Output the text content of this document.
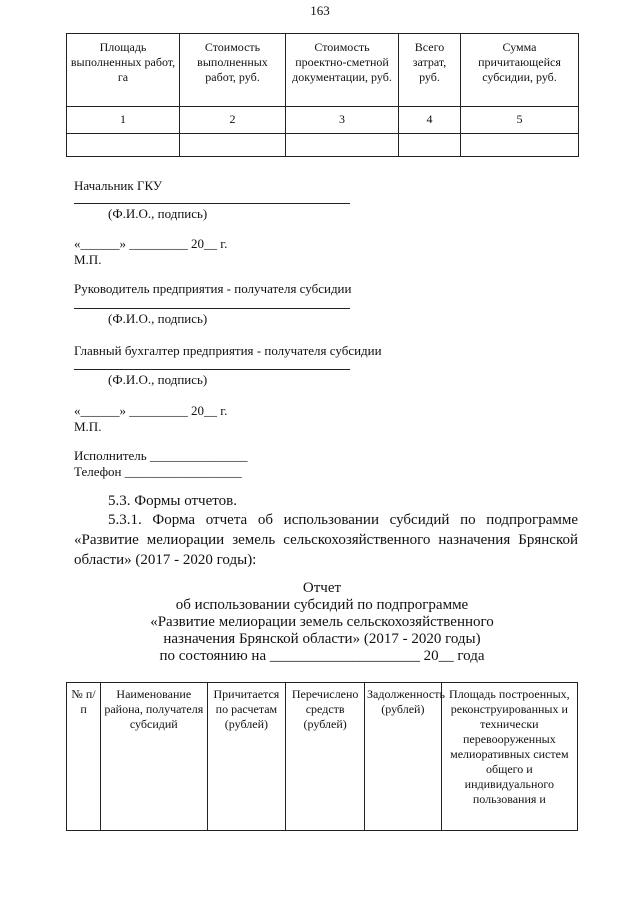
163
Площадь выполненных работ, га	Стоимость выполненных работ, руб.	Стоимость проектно-сметной документации, руб.	Всего затрат, руб.	Сумма причитающейся субсидии, руб.
1	2	3	4	5

Начальник ГКУ
(Ф.И.О., подпись)
«______» _________ 20__ г.
М.П.
Руководитель предприятия - получателя субсидии
(Ф.И.О., подпись)
Главный бухгалтер предприятия - получателя субсидии
(Ф.И.О., подпись)
«______» _________ 20__ г.
М.П.
Исполнитель _______________
Телефон __________________
5.3. Формы отчетов.
5.3.1. Форма отчета об использовании субсидий по подпрограмме
«Развитие мелиорации земель сельскохозяйственного назначения Брянской
области» (2017 - 2020 годы):
Отчет
об использовании субсидий по подпрограмме
«Развитие мелиорации земель сельскохозяйственного
назначения Брянской области» (2017 - 2020 годы)
по состоянию на ____________________ 20__ года
№ п/п	Наименование района, получателя субсидий	Причитается по расчетам (рублей)	Перечислено средств (рублей)	Задолженность (рублей)	Площадь построенных, реконструированных и технически перевооруженных мелиоративных систем общего и индивидуального пользования и
